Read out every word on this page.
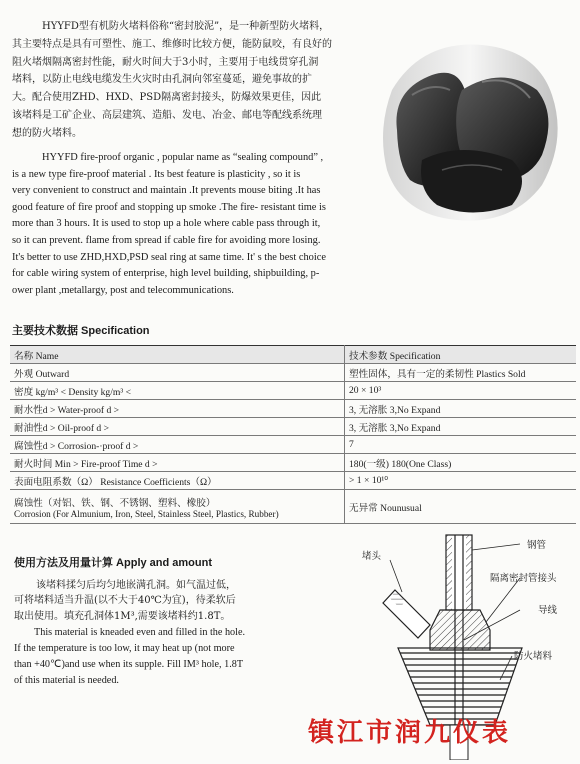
HYYFD型有机防火堵料俗称“密封胶泥”，是一种新型防火堵料，
其主要特点是具有可塑性、施工、维修时比较方便，能防鼠咬，有良好的
阻火堵烟隔离密封性能，耐火时间大于3小时，主要用于电线贯穿孔洞
堵料，以防止电线电缆发生火灾时由孔洞向邻室蔓延，避免事故的扩
大。配合使用ZHD、HXD、PSD隔离密封接头，防爆效果更佳，因此
该堵料是工矿企业、高层建筑、造船、发电、冶金、邮电等配线系统理
想的防火堵料。
HYYFD fire-proof organic , popular name as “sealing compound” ,
is a new type fire-proof material . Its best feature is plasticity , so it is
very convenient to construct and maintain .It prevents mouse biting .It has
good feature of fire proof and stopping up smoke .The fire- resistant time is
more than 3 hours. It is used to stop up a hole where cable pass through it,
so it can prevent. flame from spread if cable fire for avoiding more losing.
It's better to use ZHD,HXD,PSD seal ring at same time. It' s the best choice
for cable wiring system of enterprise, high level building, shipbuilding, p-
ower plant ,metallargy, post and telecommunications.
主要技术数据 Specification
名称 Name	技术参数 Specification
外观 Outward	塑性固体，具有一定的柔韧性 Plastics Sold
密度 kg/m³ < Density kg/m³ <	20 × 10³
耐水性d > Water-proof d >	3, 无溶胀 3,No Expand
耐油性d > Oil-proof d >	3, 无溶胀 3,No Expand
腐蚀性d > Corrosion-·proof d >	7
耐火时间 Min > Fire-proof Time d >	180(一级) 180(One Class)
表面电阻系数（Ω） Resistance Coefficients（Ω）	> 1 × 10¹⁰

腐蚀性（对铝、铁、钢、不锈钢、塑料、橡胶）
Corrosion (For Almunium, Iron, Steel, Stainless Steel, Plastics, Rubber)	无异常 Nounusual
使用方法及用量计算 Apply and amount
该堵料揉匀后均匀地嵌满孔洞。如气温过低，
可将堵料适当升温(以不大于40℃为宜)，待柔软后
取出使用。填充孔洞体1M³,需要该堵料约1.8T。
This material is kneaded even and filled in the hole.
If the temperature is too low, it may heat up (not more
than +40℃)and use when its supple. Fill IM³ hole, 1.8T
of this material is needed.
堵头
钢管
隔离密封管接头
导线
防火堵料
镇江市润九仪表
